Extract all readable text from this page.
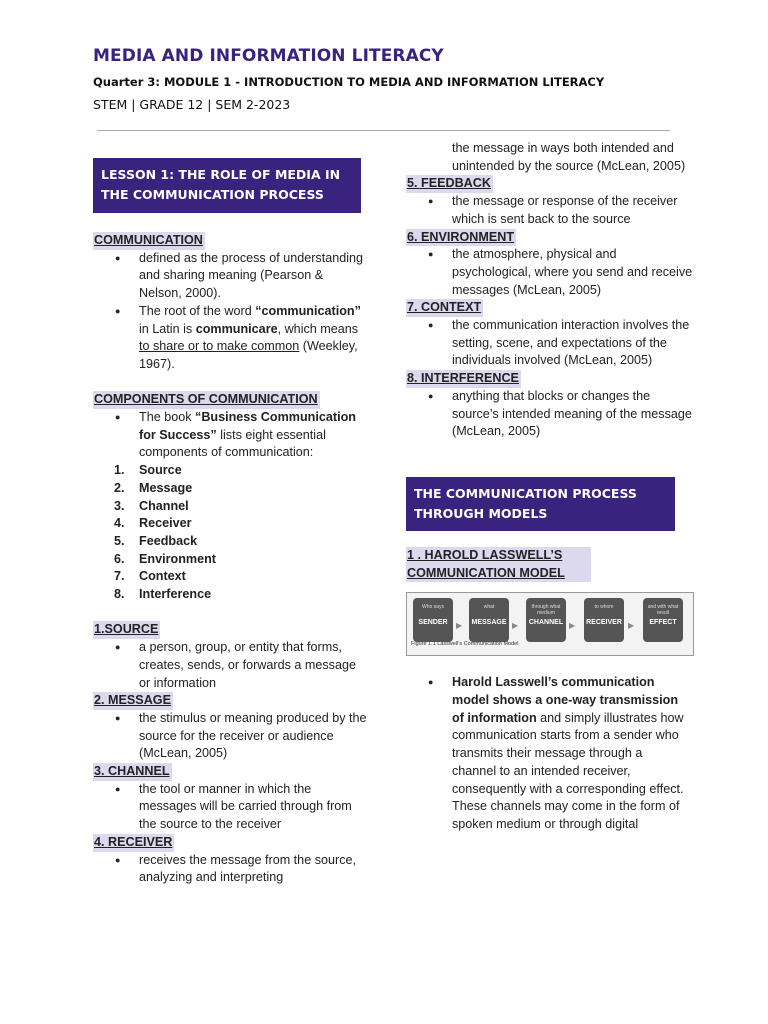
MEDIA AND INFORMATION LITERACY
Quarter 3: MODULE 1 - INTRODUCTION TO MEDIA AND INFORMATION LITERACY
STEM | GRADE 12 | SEM 2-2023
LESSON 1: THE ROLE OF MEDIA IN THE COMMUNICATION PROCESS
COMMUNICATION
● defined as the process of understanding and sharing meaning (Pearson & Nelson, 2000).
● The root of the word “communication” in Latin is communicare, which means to share or to make common (Weekley, 1967).
COMPONENTS OF COMMUNICATION
● The book “Business Communication for Success” lists eight essential components of communication:
1. Source
2. Message
3. Channel
4. Receiver
5. Feedback
6. Environment
7. Context
8. Interference
1.SOURCE
● a person, group, or entity that forms, creates, sends, or forwards a message or information
2. MESSAGE
● the stimulus or meaning produced by the source for the receiver or audience (McLean, 2005)
3. CHANNEL
● the tool or manner in which the messages will be carried through from the source to the receiver
4. RECEIVER
● receives the message from the source, analyzing and interpreting
the message in ways both intended and unintended by the source (McLean, 2005)
5. FEEDBACK
● the message or response of the receiver which is sent back to the source
6. ENVIRONMENT
● the atmosphere, physical and psychological, where you send and receive messages (McLean, 2005)
7. CONTEXT
● the communication interaction involves the setting, scene, and expectations of the individuals involved (McLean, 2005)
8. INTERFERENCE
● anything that blocks or changes the source’s intended meaning of the message (McLean, 2005)
THE COMMUNICATION PROCESS THROUGH MODELS
1 . HAROLD LASSWELL’S COMMUNICATION MODEL
Who says
SENDER	▶
what
MESSAGE ▶
through what medium
CHANNEL ▶
to whom
RECEIVER ▶
and with what result
EFFECT
Figure 1.1 Lasswell's Communication Model
● Harold Lasswell’s communication model shows a one-way transmission of information and simply illustrates how communication starts from a sender who transmits their message through a channel to an intended receiver, consequently with a corresponding effect. These channels may come in the form of spoken medium or through digital
